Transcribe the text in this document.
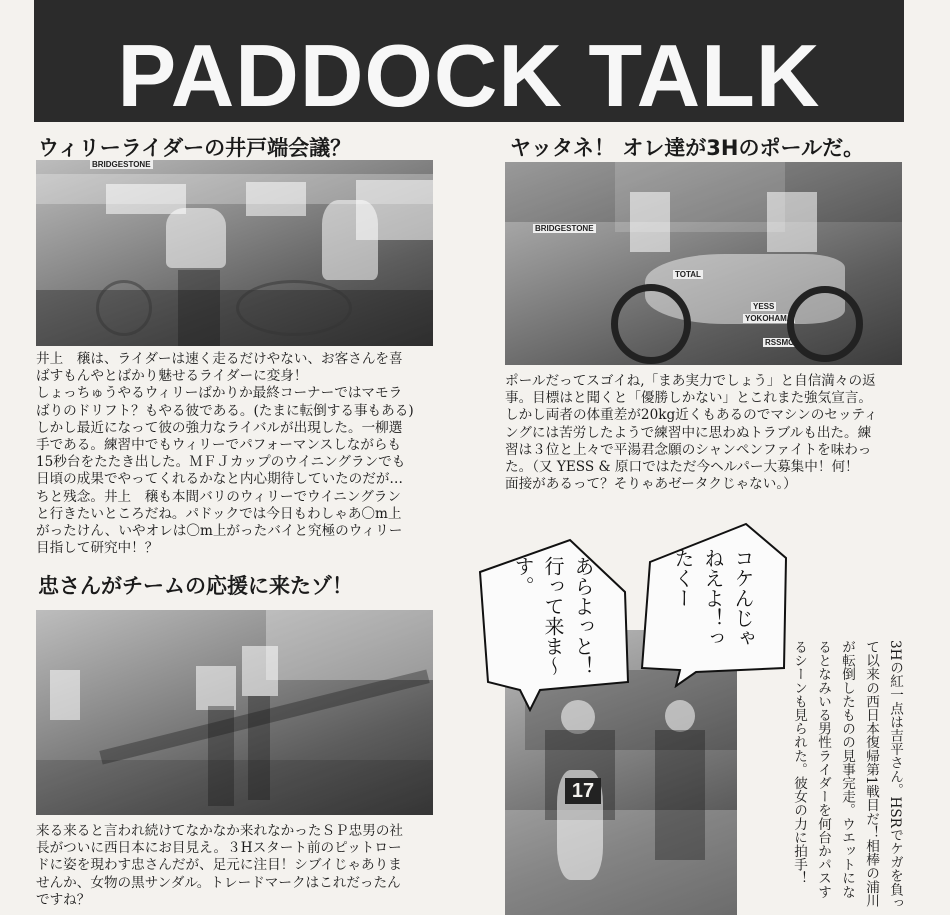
PADDOCK TALK
ウィリーライダーの井戸端会議？
BRIDGESTONE
井上　穣は、ライダーは速く走るだけやない、お客さんを喜
ばすもんやとばかり魅せるライダーに変身！
しょっちゅうやるウィリーばかりか最終コーナーではマモラ
ばりのドリフト？もやる彼である。(たまに転倒する事もある)
しかし最近になって彼の強力なライバルが出現した。一柳選
手である。練習中でもウィリーでパフォーマンスしながらも
15秒台をたたき出した。ＭＦＪカップのウイニングランでも
日頃の成果でやってくれるかなと内心期待していたのだが…
ちと残念。井上　穣も本間バリのウィリーでウイニングラン
と行きたいところだね。パドックでは今日もわしゃあ〇m上
がったけん、いやオレは〇m上がったバイと究極のウィリー
目指して研究中！？
ヤッタネ！ オレ達が3Hのポールだ。
BRIDGESTONE
TOTAL
YESS
YOKOHAMA
RSSMO
ポールだってスゴイね,「まあ実力でしょう」と自信満々の返
事。目標はと聞くと「優勝しかない」とこれまた強気宣言。
しかし両者の体重差が20kg近くもあるのでマシンのセッティ
ングには苦労したようで練習中に思わぬトラブルも出た。練
習は３位と上々で平湯君念願のシャンペンファイトを味わっ
た。（又 YESS & 原口ではただ今ヘルパー大募集中！何！
面接があるって？そりゃあゼータクじゃない。）
忠さんがチームの応援に来たゾ！
来る来ると言われ続けてなかなか来れなかったＳＰ忠男の社
長がついに西日本にお目見え。３Hスタート前のピットロー
ドに姿を現わす忠さんだが、足元に注目！シブイじゃありま
せんか、女物の黒サンダル。トレードマークはこれだったん
ですね？
17
あらよっと！行って来ま〜す。	コケんじゃねえよ！ったくー
3Hの紅一点は吉平さん。HSRでケガを負って以来の西日本復帰第1戦目だ！相棒の浦川が転倒したものの見事完走。ウエットになるとなみいる男性ライダーを何台かパスするシーンも見られた。彼女の力に拍手！
